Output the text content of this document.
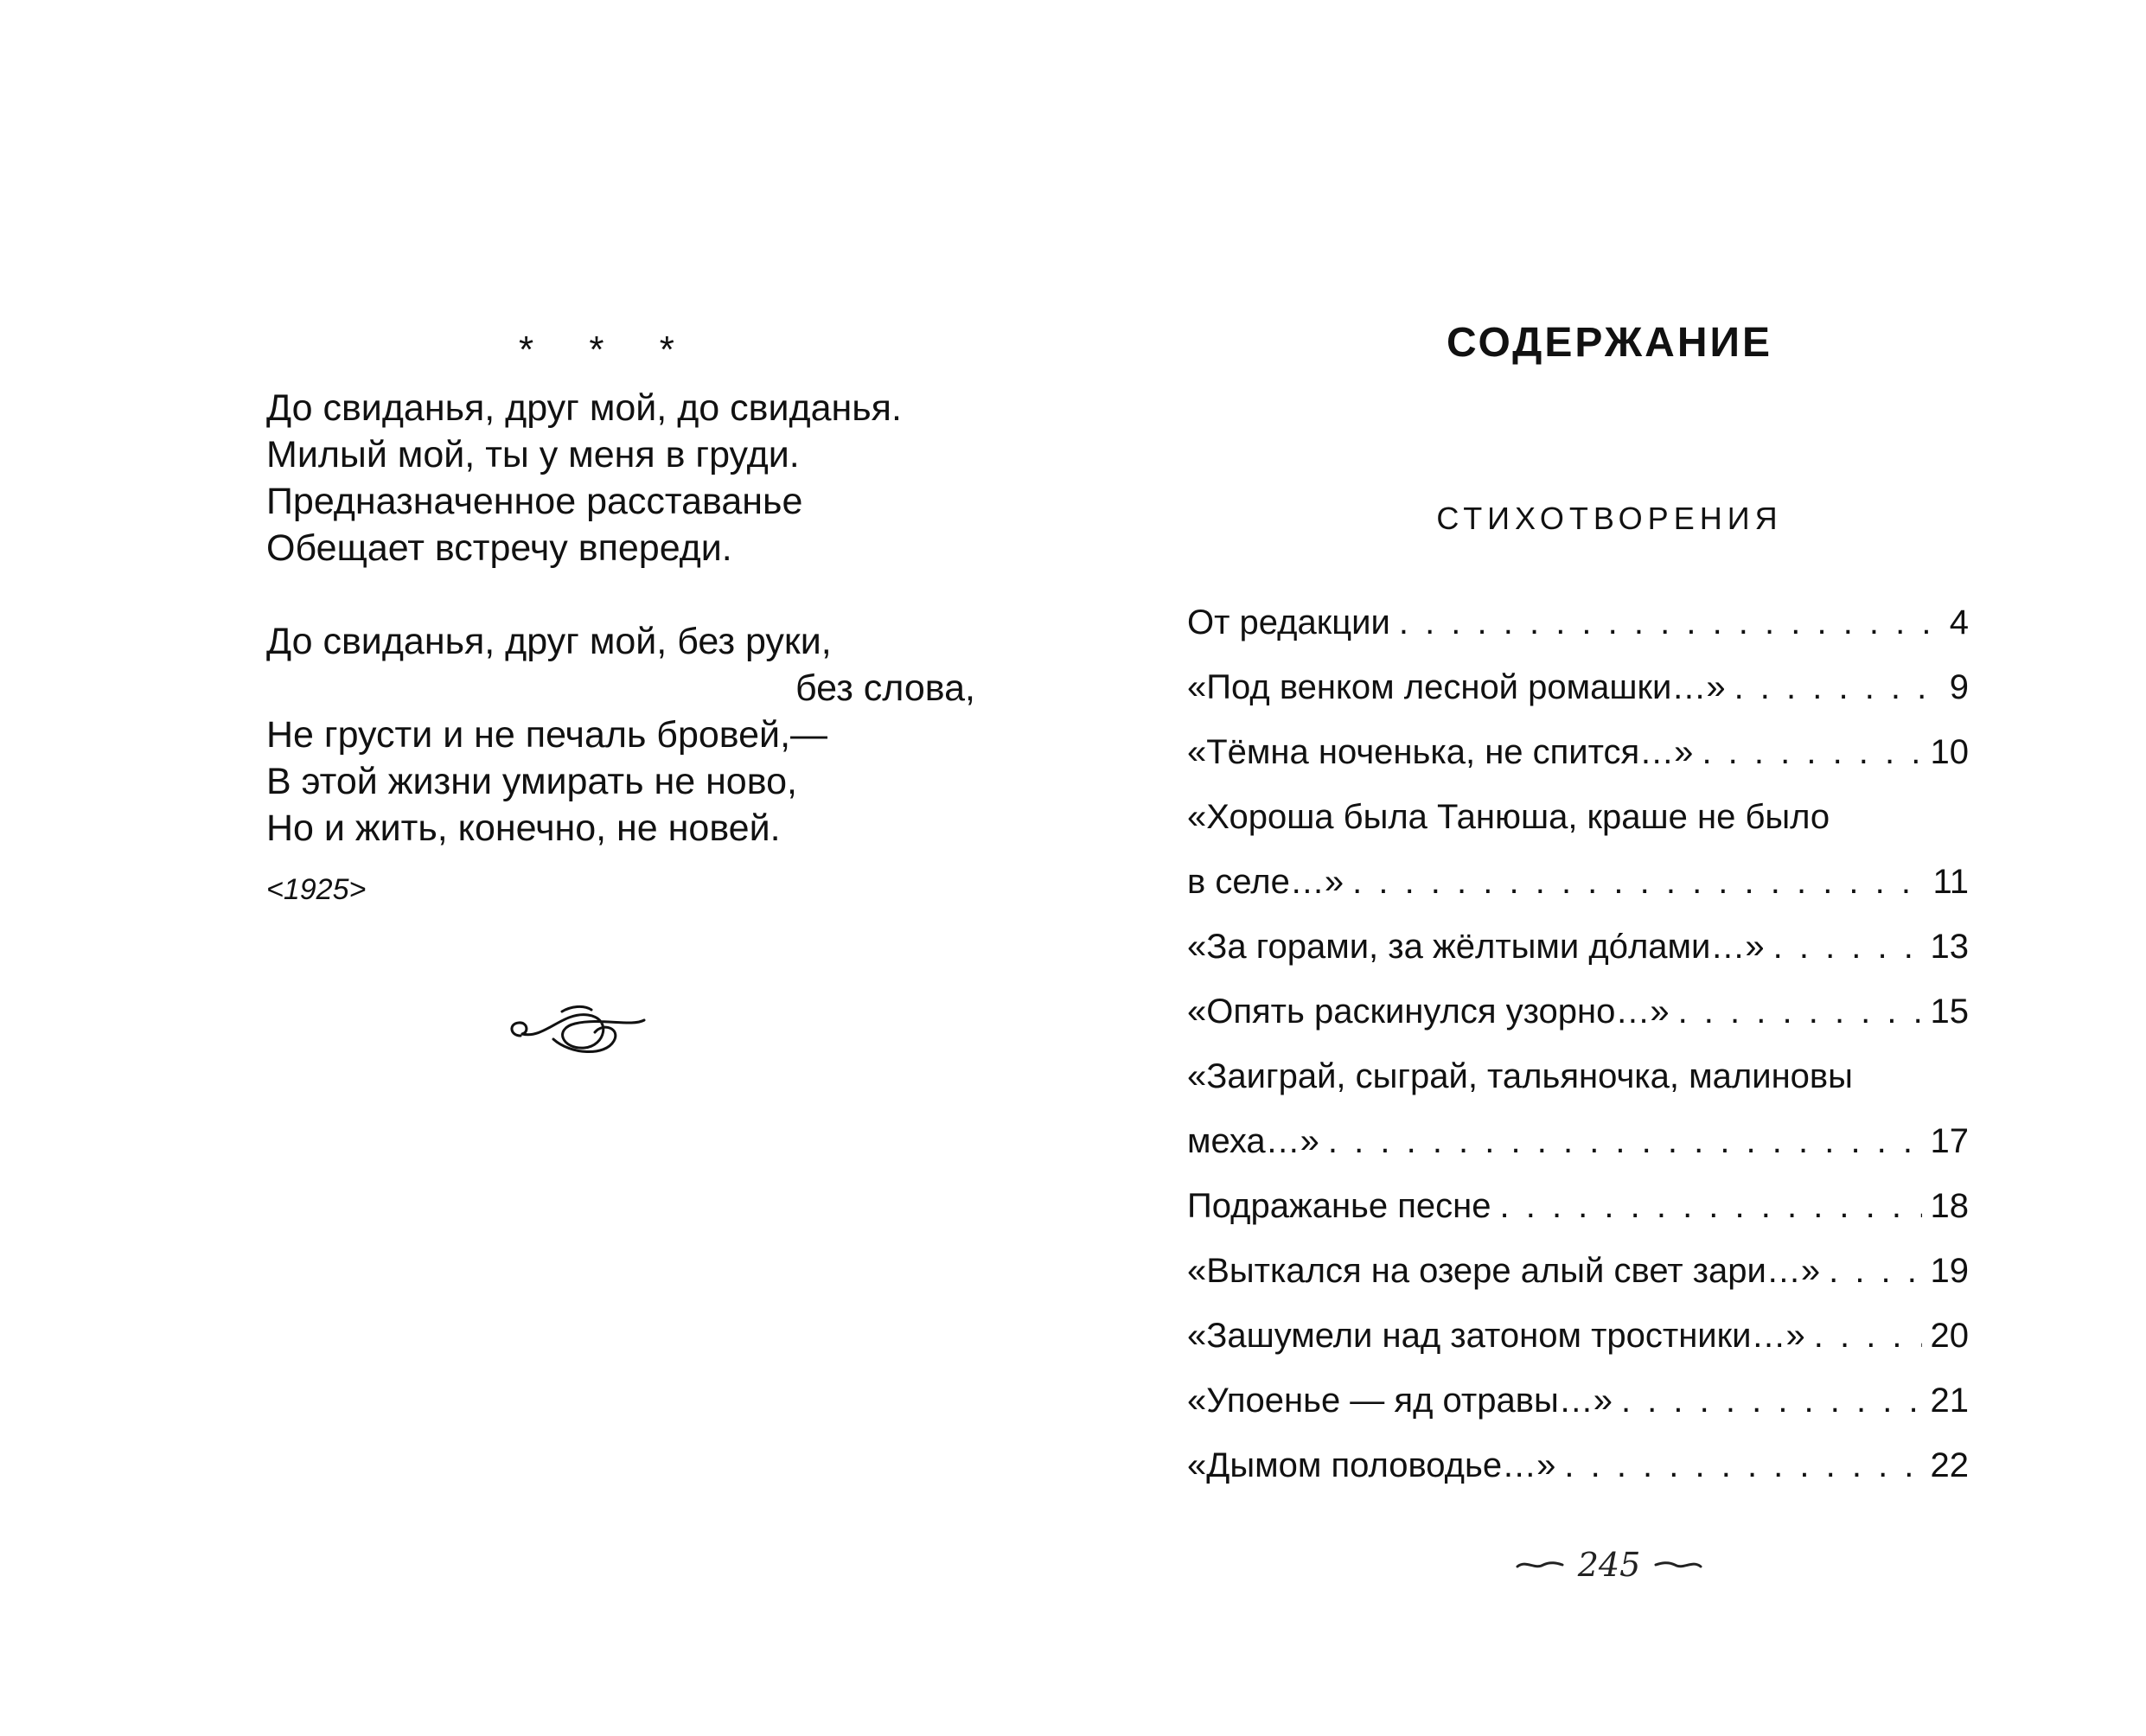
* * *
До свиданья, друг мой, до свиданья.
Милый мой, ты у меня в груди.
Предназначенное расставанье
Обещает встречу впереди.
До свиданья, друг мой, без руки,
без слова,
Не грусти и не печаль бровей,—
В этой жизни умирать не ново,
Но и жить, конечно, не новей.
<1925>
СОДЕРЖАНИЕ
СТИХОТВОРЕНИЯ
От редакции . . .	4
«Под венком лесной ромашки…» . . .	9
«Тёмна ноченька, не спится…» . . .	10
«Хороша была Танюша, краше не было
в селе…» . . .	11
«За горами, за жёлтыми до́лами…» . . .	13
«Опять раскинулся узорно…» . . .	15
«Заиграй, сыграй, тальяночка, малиновы
меха…» . . .	17
Подражанье песне . . .	18
«Выткался на озере алый свет зари…» . . .	19
«Зашумели над затоном тростники…» . . .	20
«Упоенье — яд отравы…» . . .	21
«Дымом половодье…» . . .	22
245
